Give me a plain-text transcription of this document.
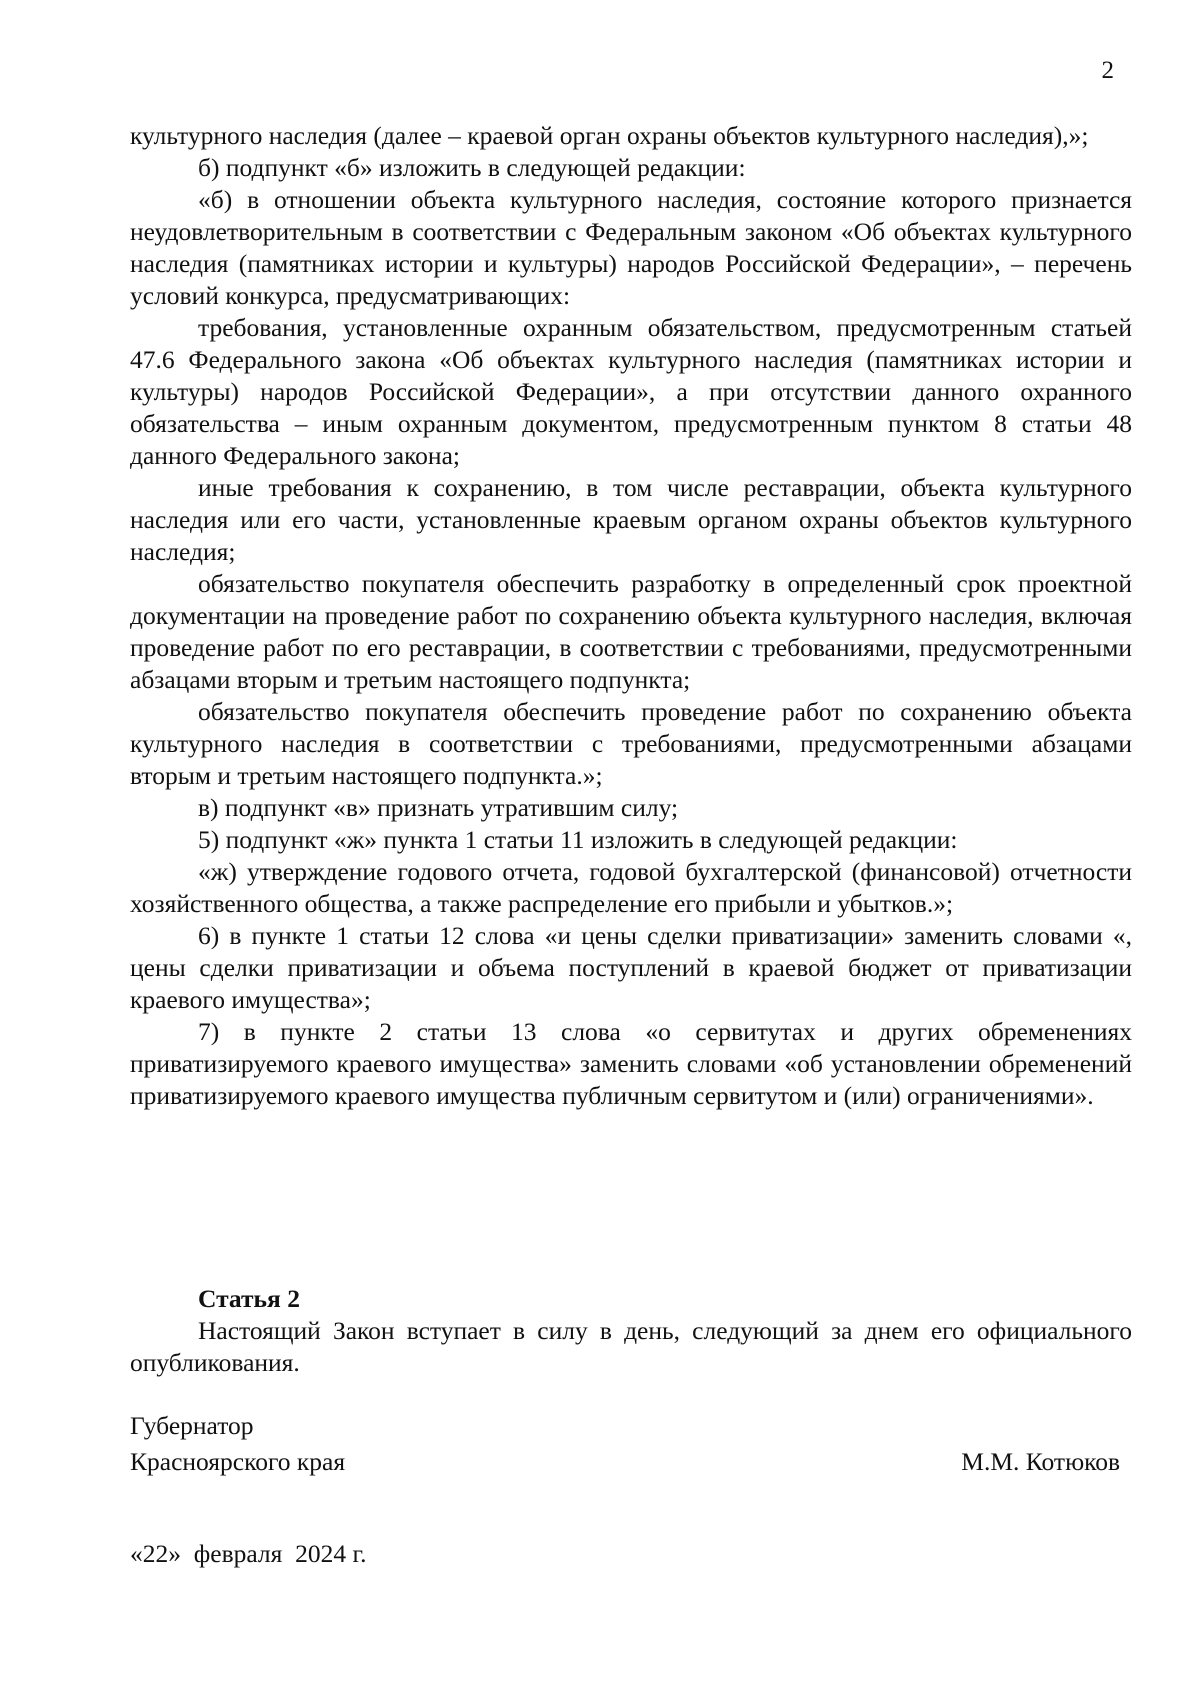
2

культурного наследия (далее – краевой орган охраны объектов культурного наследия),»;

б) подпункт «б» изложить в следующей редакции:

«б) в отношении объекта культурного наследия, состояние которого признается неудовлетворительным в соответствии с Федеральным законом «Об объектах культурного наследия (памятниках истории и культуры) народов Российской Федерации», – перечень условий конкурса, предусматривающих:

требования, установленные охранным обязательством, предусмотренным статьей 47.6 Федерального закона «Об объектах культурного наследия (памятниках истории и культуры) народов Российской Федерации», а при отсутствии данного охранного обязательства – иным охранным документом, предусмотренным пунктом 8 статьи 48 данного Федерального закона;

иные требования к сохранению, в том числе реставрации, объекта культурного наследия или его части, установленные краевым органом охраны объектов культурного наследия;

обязательство покупателя обеспечить разработку в определенный срок проектной документации на проведение работ по сохранению объекта культурного наследия, включая проведение работ по его реставрации, в соответствии с требованиями, предусмотренными абзацами вторым и третьим настоящего подпункта;

обязательство покупателя обеспечить проведение работ по сохранению объекта культурного наследия в соответствии с требованиями, предусмотренными абзацами вторым и третьим настоящего подпункта.»;

в) подпункт «в» признать утратившим силу;

5) подпункт «ж» пункта 1 статьи 11 изложить в следующей редакции:

«ж) утверждение годового отчета, годовой бухгалтерской (финансовой) отчетности хозяйственного общества, а также распределение его прибыли и убытков.»;

6) в пункте 1 статьи 12 слова «и цены сделки приватизации» заменить словами «, цены сделки приватизации и объема поступлений в краевой бюджет от приватизации краевого имущества»;

7) в пункте 2 статьи 13 слова «о сервитутах и других обременениях приватизируемого краевого имущества» заменить словами «об установлении обременений приватизируемого краевого имущества публичным сервитутом и (или) ограничениями».

Статья 2

Настоящий Закон вступает в силу в день, следующий за днем его официального опубликования.

Губернатор
Красноярского края	М.М. Котюков
«22»  февраля  2024 г.
